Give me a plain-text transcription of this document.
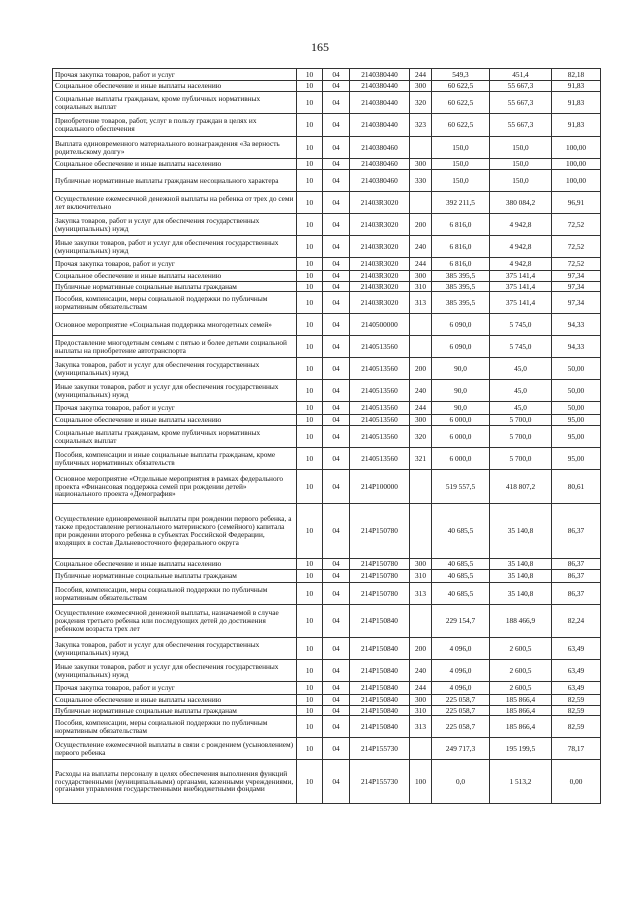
165
Прочая закупка товаров, работ и услуг	10	04	2140380440	244	549,3	451,4	82,18
Социальное обеспечение и иные выплаты населению	10	04	2140380440	300	60 622,5	55 667,3	91,83
Социальные выплаты гражданам, кроме публичных нормативных социальных выплат	10	04	2140380440	320	60 622,5	55 667,3	91,83
Приобретение товаров, работ, услуг в пользу граждан в целях их социального обеспечения	10	04	2140380440	323	60 622,5	55 667,3	91,83
Выплата единовременного материального вознаграждения «За верность родительскому долгу»	10	04	2140380460		150,0	150,0	100,00
Социальное обеспечение и иные выплаты населению	10	04	2140380460	300	150,0	150,0	100,00
Публичные нормативные выплаты гражданам несоциального характера	10	04	2140380460	330	150,0	150,0	100,00
Осуществление ежемесячной денежной выплаты на ребенка от трех до семи лет включительно	10	04	21403R3020		392 211,5	380 084,2	96,91
Закупка товаров, работ и услуг для обеспечения государственных (муниципальных) нужд	10	04	21403R3020	200	6 816,0	4 942,8	72,52
Иные закупки товаров, работ и услуг для обеспечения государственных (муниципальных) нужд	10	04	21403R3020	240	6 816,0	4 942,8	72,52
Прочая закупка товаров, работ и услуг	10	04	21403R3020	244	6 816,0	4 942,8	72,52
Социальное обеспечение и иные выплаты населению	10	04	21403R3020	300	385 395,5	375 141,4	97,34
Публичные нормативные социальные выплаты гражданам	10	04	21403R3020	310	385 395,5	375 141,4	97,34
Пособия, компенсации, меры социальной поддержки по публичным нормативным обязательствам	10	04	21403R3020	313	385 395,5	375 141,4	97,34
Основное мероприятие «Социальная поддержка многодетных семей»	10	04	2140500000		6 090,0	5 745,0	94,33
Предоставление многодетным семьям с пятью и более детьми социальной выплаты на приобретение автотранспорта	10	04	2140513560		6 090,0	5 745,0	94,33
Закупка товаров, работ и услуг для обеспечения государственных (муниципальных) нужд	10	04	2140513560	200	90,0	45,0	50,00
Иные закупки товаров, работ и услуг для обеспечения государственных (муниципальных) нужд	10	04	2140513560	240	90,0	45,0	50,00
Прочая закупка товаров, работ и услуг	10	04	2140513560	244	90,0	45,0	50,00
Социальное обеспечение и иные выплаты населению	10	04	2140513560	300	6 000,0	5 700,0	95,00
Социальные выплаты гражданам, кроме публичных нормативных социальных выплат	10	04	2140513560	320	6 000,0	5 700,0	95,00
Пособия, компенсации и иные социальные выплаты гражданам, кроме публичных нормативных обязательств	10	04	2140513560	321	6 000,0	5 700,0	95,00
Основное мероприятие «Отдельные мероприятия в рамках федерального проекта «Финансовая поддержка семей при рождении детей» национального проекта «Демография»	10	04	214P100000		519 557,5	418 807,2	80,61
Осуществление единовременной выплаты при рождении первого ребенка, а также предоставление регионального материнского (семейного) капитала при рождении второго ребенка в субъектах Российской Федерации, входящих в состав Дальневосточного федерального округа	10	04	214P150780		40 685,5	35 140,8	86,37
Социальное обеспечение и иные выплаты населению	10	04	214P150780	300	40 685,5	35 140,8	86,37
Публичные нормативные социальные выплаты гражданам	10	04	214P150780	310	40 685,5	35 140,8	86,37
Пособия, компенсации, меры социальной поддержки по публичным нормативным обязательствам	10	04	214P150780	313	40 685,5	35 140,8	86,37
Осуществление ежемесячной денежной выплаты, назначаемой в случае рождения третьего ребенка или последующих детей до достижения ребенком возраста трех лет	10	04	214P150840		229 154,7	188 466,9	82,24
Закупка товаров, работ и услуг для обеспечения государственных (муниципальных) нужд	10	04	214P150840	200	4 096,0	2 600,5	63,49
Иные закупки товаров, работ и услуг для обеспечения государственных (муниципальных) нужд	10	04	214P150840	240	4 096,0	2 600,5	63,49
Прочая закупка товаров, работ и услуг	10	04	214P150840	244	4 096,0	2 600,5	63,49
Социальное обеспечение и иные выплаты населению	10	04	214P150840	300	225 058,7	185 866,4	82,59
Публичные нормативные социальные выплаты гражданам	10	04	214P150840	310	225 058,7	185 866,4	82,59
Пособия, компенсации, меры социальной поддержки по публичным нормативным обязательствам	10	04	214P150840	313	225 058,7	185 866,4	82,59
Осуществление ежемесячной выплаты в связи с рождением (усыновлением) первого ребенка	10	04	214P155730		249 717,3	195 199,5	78,17
Расходы на выплаты персоналу в целях обеспечения выполнения функций государственными (муниципальными) органами, казенными учреждениями, органами управления государственными внебюджетными фондами	10	04	214P155730	100	0,0	1 513,2	0,00
